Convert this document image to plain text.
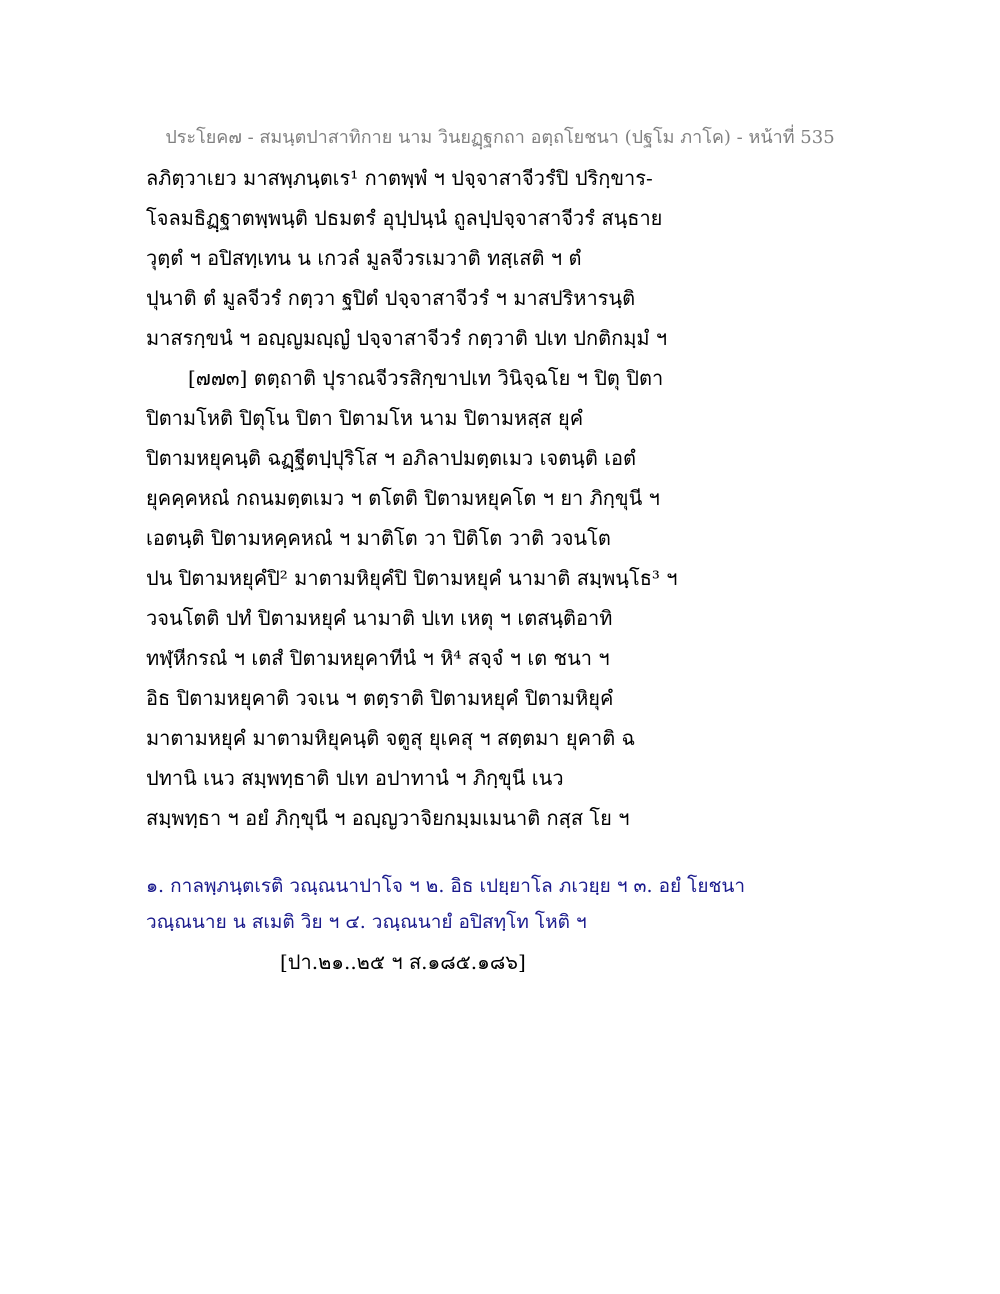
ประโยค๗ - สมนฺตปาสาทิกาย นาม วินยฏฺฐกถา อตฺถโยชนา (ปฐโม ภาโค) - หน้าที่ 535
ลภิตฺวาเยว มาสพฺภนฺตเร¹ กาตพฺพํ ฯ ปจฺจาสาจีวรํปิ ปริกฺขาร-
โจลมธิฏฺฐาตพฺพนฺติ ปธมตรํ อุปฺปนฺนํ ถูลปฺปจฺจาสาจีวรํ สนฺธาย
วุตฺตํ ฯ อปิสทฺเทน น เกวลํ มูลจีวรเมวาติ ทสฺเสติ ฯ ตํ
ปุนาติ ตํ มูลจีวรํ กตฺวา ฐปิตํ ปจฺจาสาจีวรํ ฯ มาสปริหารนฺติ
มาสรกฺขนํ ฯ อญฺญมญฺญํ ปจฺจาสาจีวรํ กตฺวาติ ปเท ปกติกมฺมํ ฯ
[๗๗๓] ตตฺถาติ ปุราณจีวรสิกฺขาปเท วินิจฺฉโย ฯ ปิตุ ปิตา
ปิตามโหติ ปิตุโน ปิตา ปิตามโห นาม ปิตามหสฺส ยุคํ
ปิตามหยุคนฺติ ฉฏฺฐีตปฺปุริโส ฯ อภิลาปมตฺตเมว เจตนฺติ เอตํ
ยุคคฺคหณํ กถนมตฺตเมว ฯ ตโตติ ปิตามหยุคโต ฯ ยา ภิกฺขุนี ฯ
เอตนฺติ ปิตามหคฺคหณํ ฯ มาติโต วา ปิติโต วาติ วจนโต
ปน ปิตามหยุคํปิ² มาตามหิยุคํปิ ปิตามหยุคํ นามาติ สมฺพนฺโธ³ ฯ
วจนโตติ ปทํ ปิตามหยุคํ นามาติ ปเท เหตุ ฯ เตสนฺติอาทิ
ทฬฺหีกรณํ ฯ เตสํ ปิตามหยุคาทีนํ ฯ หิ⁴ สจฺจํ ฯ เต ชนา ฯ
อิธ ปิตามหยุคาติ วจเน ฯ ตตฺราติ ปิตามหยุคํ ปิตามหิยุคํ
มาตามหยุคํ มาตามหิยุคนฺติ จตูสุ ยุเคสุ ฯ สตฺตมา ยุคาติ ฉ
ปทานิ เนว สมฺพทฺธาติ ปเท อปาทานํ ฯ ภิกฺขุนี เนว
สมฺพทฺธา ฯ อยํ ภิกฺขุนี ฯ อญฺญวาจิยกมฺมเมนาติ กสฺส โย ฯ
๑. กาลพฺภนฺตเรติ วณฺณนาปาโจ ฯ ๒. อิธ เปยฺยาโล ภเวยฺย ฯ ๓. อยํ โยชนา
วณฺณนาย น สเมติ วิย ฯ ๔. วณฺณนายํ อปิสทฺโท โหติ ฯ
[ปา.๒๑..๒๕ ฯ ส.๑๘๕.๑๘๖]
